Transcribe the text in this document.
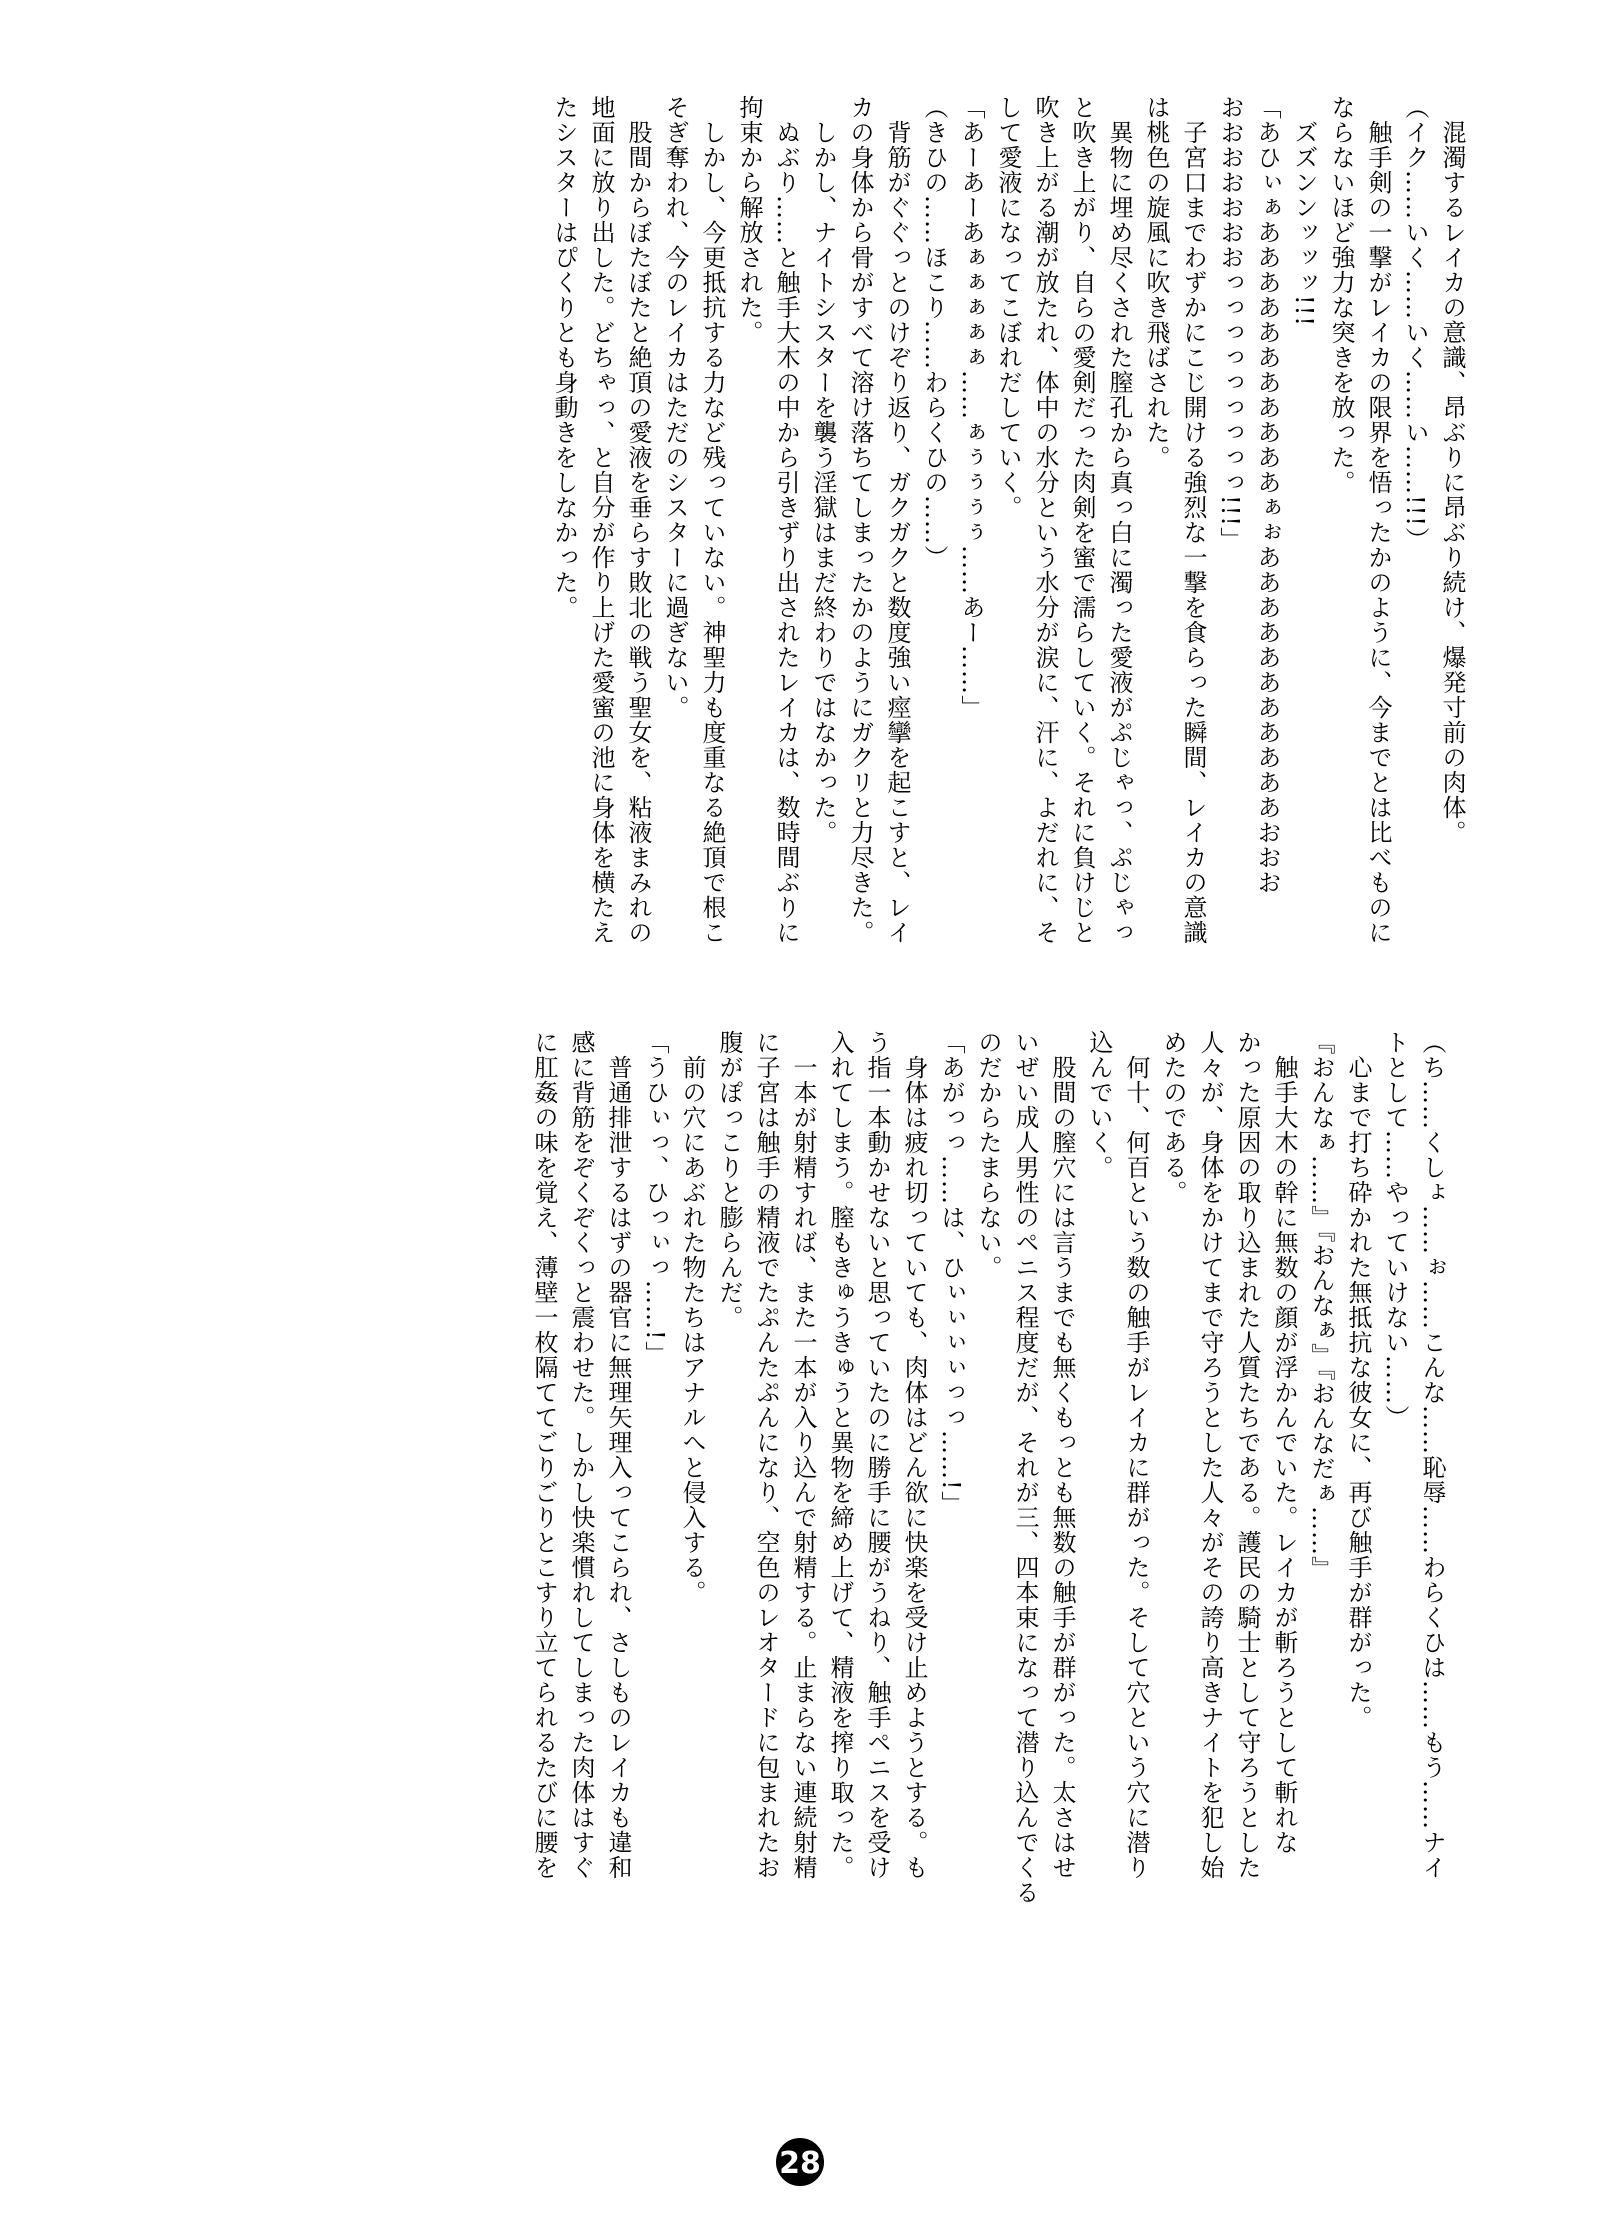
　混濁するレイカの意識、昂ぶりに昂ぶり続け、爆発寸前の肉体。
（イク……いく……いく……い……!!!）
　触手剣の一撃がレイカの限界を悟ったかのように、今までとは比べものに
ならないほど強力な突きを放った。
　ズズンンッッッ!!!
「あひぃぁあああああああああああぁぉあああああああああああおおお
おおおおおおおっっっっっっっっっ!!!」
　子宮口までわずかにこじ開ける強烈な一撃を食らった瞬間、レイカの意識
は桃色の旋風に吹き飛ばされた。
　異物に埋め尽くされた膣孔から真っ白に濁った愛液がぷじゃっ、ぷじゃっ
と吹き上がり、自らの愛剣だった肉剣を蜜で濡らしていく。それに負けじと
吹き上がる潮が放たれ、体中の水分という水分が涙に、汗に、よだれに、そ
して愛液になってこぼれだしていく。
「あーあーあぁぁぁぁぁ……ぁぅぅぅぅ……あー……」
（きひの……ほこり……わらくひの……）
　背筋がぐぐっとのけぞり返り、ガクガクと数度強い痙攣を起こすと、レイ
カの身体から骨がすべて溶け落ちてしまったかのようにガクリと力尽きた。
　しかし、ナイトシスターを襲う淫獄はまだ終わりではなかった。
　ぬぶり……と触手大木の中から引きずり出されたレイカは、数時間ぶりに
拘束から解放された。
　しかし、今更抵抗する力など残っていない。神聖力も度重なる絶頂で根こ
そぎ奪われ、今のレイカはただのシスターに過ぎない。
　股間からぼたぼたと絶頂の愛液を垂らす敗北の戦う聖女を、粘液まみれの
地面に放り出した。どちゃっ、と自分が作り上げた愛蜜の池に身体を横たえ
たシスターはぴくりとも身動きをしなかった。
（ち……くしょ……ぉ……こんな……恥辱……わらくひは……もう……ナイ
トとして……やっていけない……）
　心まで打ち砕かれた無抵抗な彼女に、再び触手が群がった。
『おんなぁ……』『おんなぁ』『おんなだぁ……』
　触手大木の幹に無数の顔が浮かんでいた。レイカが斬ろうとして斬れな
かった原因の取り込まれた人質たちである。護民の騎士として守ろうとした
人々が、身体をかけてまで守ろうとした人々がその誇り高きナイトを犯し始
めたのである。
　何十、何百という数の触手がレイカに群がった。そして穴という穴に潜り
込んでいく。
　股間の膣穴には言うまでも無くもっとも無数の触手が群がった。太さはせ
いぜい成人男性のペニス程度だが、それが三、四本束になって潜り込んでくる
のだからたまらない。
「あがっっ……は、ひぃぃぃぃっっ……!」
　身体は疲れ切っていても、肉体はどん欲に快楽を受け止めようとする。も
う指一本動かせないと思っていたのに勝手に腰がうねり、触手ペニスを受け
入れてしまう。膣もきゅうきゅうと異物を締め上げて、精液を搾り取った。
　一本が射精すれば、また一本が入り込んで射精する。止まらない連続射精
に子宮は触手の精液でたぷんたぷんになり、空色のレオタードに包まれたお
腹がぽっこりと膨らんだ。
　前の穴にあぶれた物たちはアナルへと侵入する。
「うひぃっ、ひっぃっ……!」
　普通排泄するはずの器官に無理矢理入ってこられ、さしものレイカも違和
感に背筋をぞくぞくっと震わせた。しかし快楽慣れしてしまった肉体はすぐ
に肛姦の味を覚え、薄壁一枚隔ててごりごりとこすり立てられるたびに腰を
28
